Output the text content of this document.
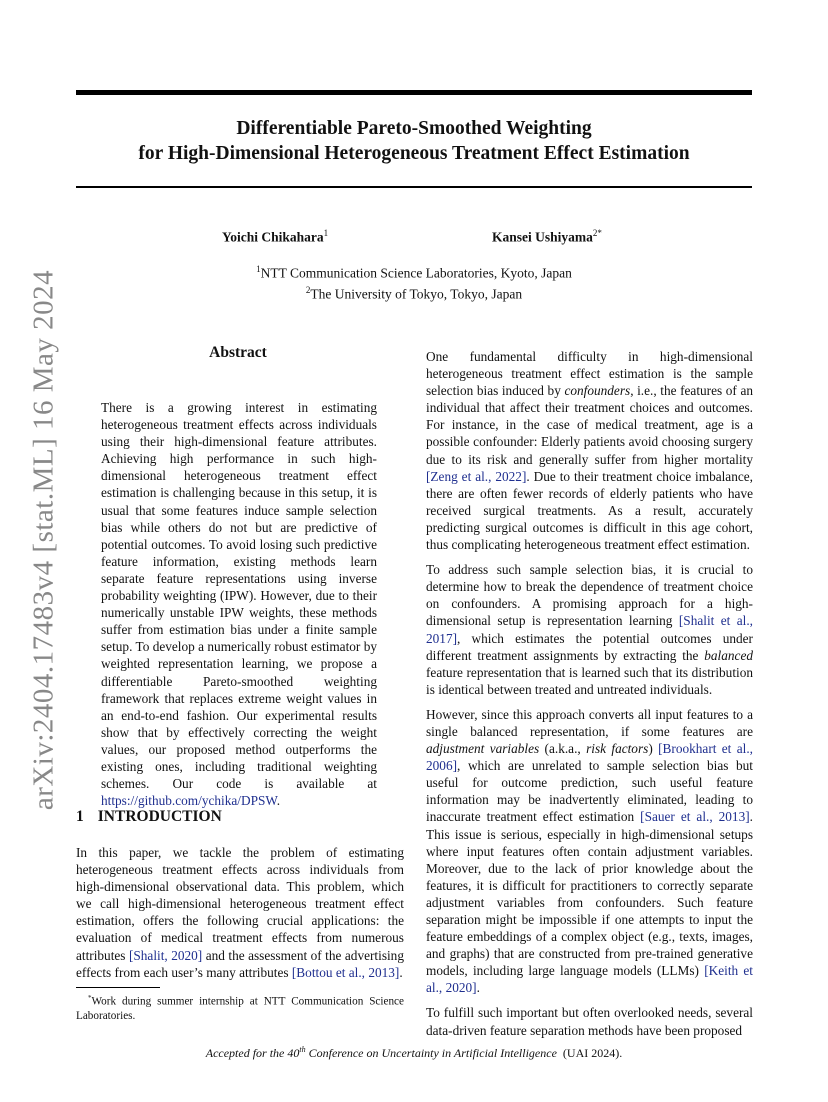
arXiv:2404.17483v4 [stat.ML] 16 May 2024
Differentiable Pareto-Smoothed Weighting
for High-Dimensional Heterogeneous Treatment Effect Estimation
Yoichi Chikahara$^1$	Kansei Ushiyama$^{2*}$
$^1$NTT Communication Science Laboratories, Kyoto, Japan
$^2$The University of Tokyo, Tokyo, Japan
Abstract

There is a growing interest in estimating heterogeneous treatment effects across individuals using their high-dimensional feature attributes. Achieving high performance in such high-dimensional heterogeneous treatment effect estimation is challenging because in this setup, it is usual that some features induce sample selection bias while others do not but are predictive of potential outcomes. To avoid losing such predictive feature information, existing methods learn separate feature representations using inverse probability weighting (IPW). However, due to their numerically unstable IPW weights, these methods suffer from estimation bias under a finite sample setup. To develop a numerically robust estimator by weighted representation learning, we propose a differentiable Pareto-smoothed weighting framework that replaces extreme weight values in an end-to-end fashion. Our experimental results show that by effectively correcting the weight values, our proposed method outperforms the existing ones, including traditional weighting schemes. Our code is available at https://github.com/ychika/DPSW.

1 INTRODUCTION

In this paper, we tackle the problem of estimating heterogeneous treatment effects across individuals from high-dimensional observational data. This problem, which we call high-dimensional heterogeneous treatment effect estimation, offers the following crucial applications: the evaluation of medical treatment effects from numerous attributes [Shalit, 2020] and the assessment of the advertising effects from each user’s many attributes [Bottou et al., 2013].

*Work during summer internship at NTT Communication Science Laboratories.

One fundamental difficulty in high-dimensional heterogeneous treatment effect estimation is the sample selection bias induced by confounders, i.e., the features of an individual that affect their treatment choices and outcomes. For instance, in the case of medical treatment, age is a possible confounder: Elderly patients avoid choosing surgery due to its risk and generally suffer from higher mortality [Zeng et al., 2022]. Due to their treatment choice imbalance, there are often fewer records of elderly patients who have received surgical treatments. As a result, accurately predicting surgical outcomes is difficult in this age cohort, thus complicating heterogeneous treatment effect estimation.

To address such sample selection bias, it is crucial to determine how to break the dependence of treatment choice on confounders. A promising approach for a high-dimensional setup is representation learning [Shalit et al., 2017], which estimates the potential outcomes under different treatment assignments by extracting the balanced feature representation that is learned such that its distribution is identical between treated and untreated individuals.

However, since this approach converts all input features to a single balanced representation, if some features are adjustment variables (a.k.a., risk factors) [Brookhart et al., 2006], which are unrelated to sample selection bias but useful for outcome prediction, such useful feature information may be inadvertently eliminated, leading to inaccurate treatment effect estimation [Sauer et al., 2013]. This issue is serious, especially in high-dimensional setups where input features often contain adjustment variables. Moreover, due to the lack of prior knowledge about the features, it is difficult for practitioners to correctly separate adjustment variables from confounders. Such feature separation might be impossible if one attempts to input the feature embeddings of a complex object (e.g., texts, images, and graphs) that are constructed from pre-trained generative models, including large language models (LLMs) [Keith et al., 2020].

To fulfill such important but often overlooked needs, several data-driven feature separation methods have been proposed

Accepted for the 40th Conference on Uncertainty in Artificial Intelligence (UAI 2024).
